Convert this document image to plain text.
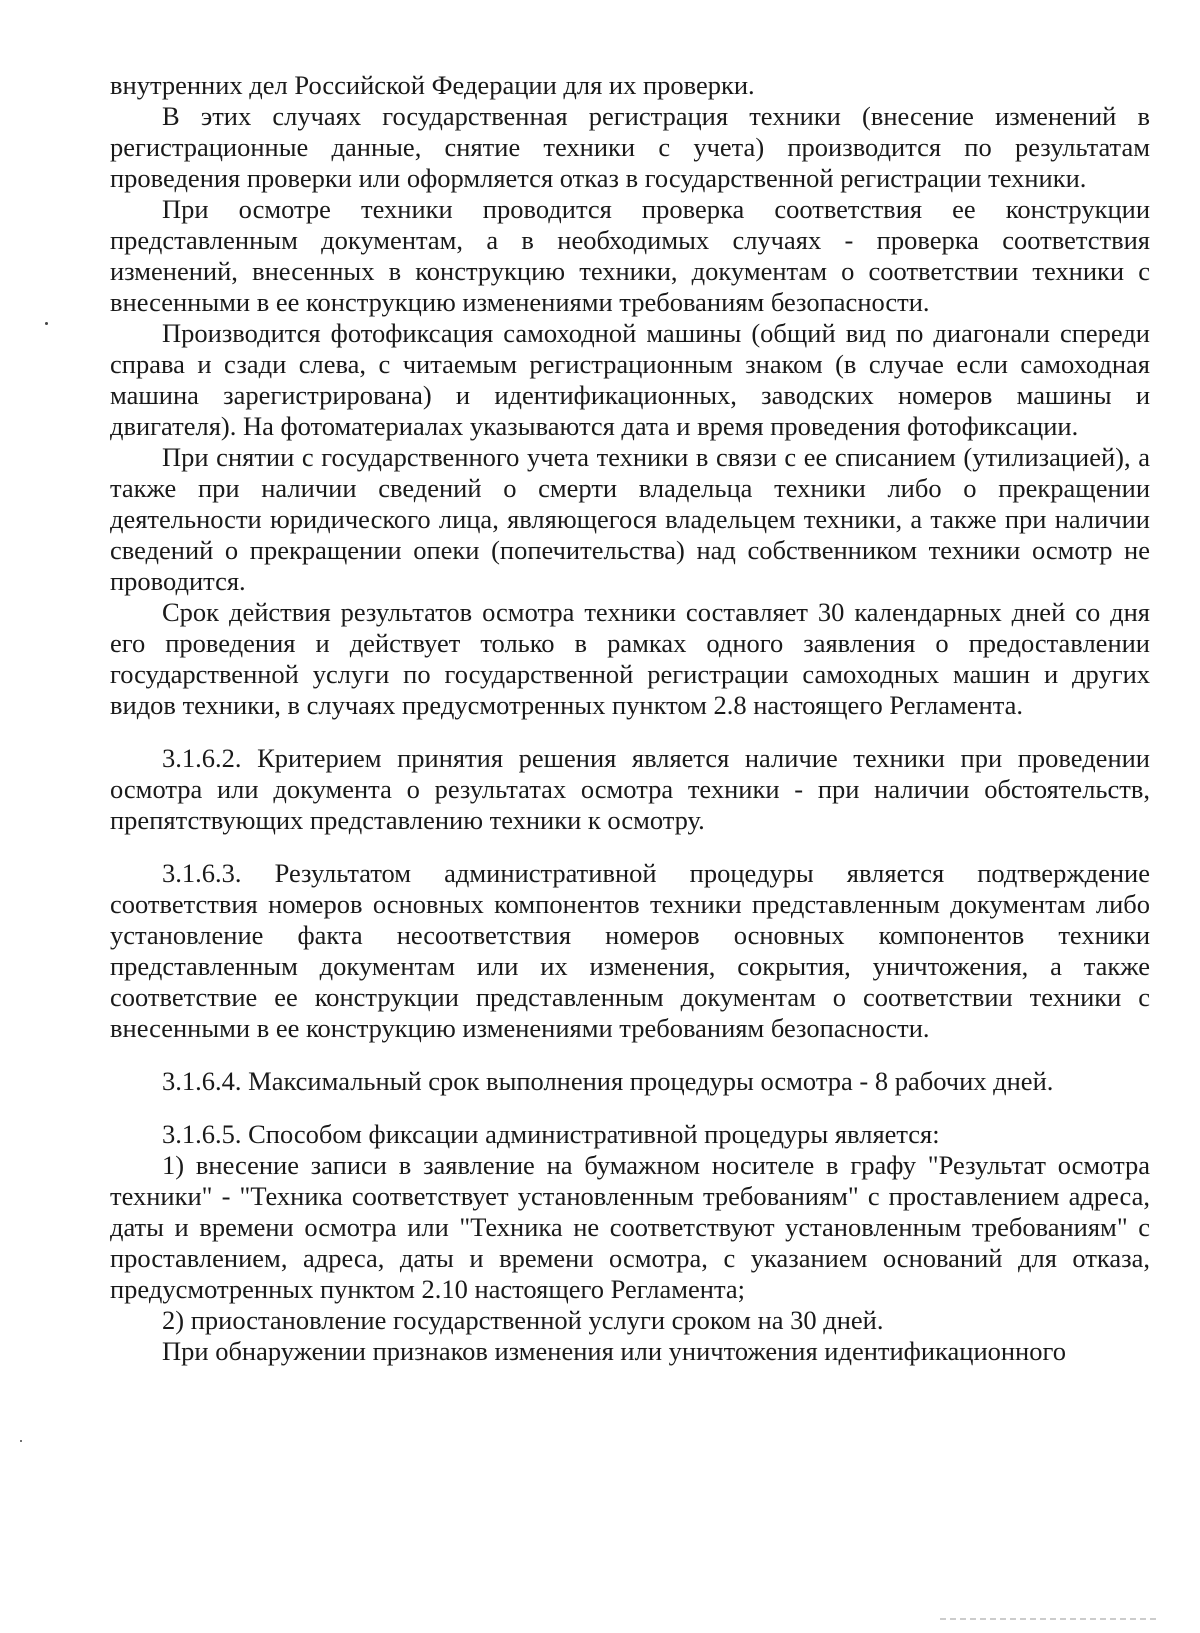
внутренних дел Российской Федерации для их проверки.

В этих случаях государственная регистрация техники (внесение изменений в регистрационные данные, снятие техники с учета) производится по результатам проведения проверки или оформляется отказ в государственной регистрации техники.

При осмотре техники проводится проверка соответствия ее конструкции представленным документам, а в необходимых случаях - проверка соответствия изменений, внесенных в конструкцию техники, документам о соответствии техники с внесенными в ее конструкцию изменениями требованиям безопасности.

Производится фотофиксация самоходной машины (общий вид по диагонали спереди справа и сзади слева, с читаемым регистрационным знаком (в случае если самоходная машина зарегистрирована) и идентификационных, заводских номеров машины и двигателя). На фотоматериалах указываются дата и время проведения фотофиксации.

При снятии с государственного учета техники в связи с ее списанием (утилизацией), а также при наличии сведений о смерти владельца техники либо о прекращении деятельности юридического лица, являющегося владельцем техники, а также при наличии сведений о прекращении опеки (попечительства) над собственником техники осмотр не проводится.

Срок действия результатов осмотра техники составляет 30 календарных дней со дня его проведения и действует только в рамках одного заявления о предоставлении государственной услуги по государственной регистрации самоходных машин и других видов техники, в случаях предусмотренных пунктом 2.8 настоящего Регламента.

3.1.6.2. Критерием принятия решения является наличие техники при проведении осмотра или документа о результатах осмотра техники - при наличии обстоятельств, препятствующих представлению техники к осмотру.

3.1.6.3. Результатом административной процедуры является подтверждение соответствия номеров основных компонентов техники представленным документам либо установление факта несоответствия номеров основных компонентов техники представленным документам или их изменения, сокрытия, уничтожения, а также соответствие ее конструкции представленным документам о соответствии техники с внесенными в ее конструкцию изменениями требованиям безопасности.

3.1.6.4. Максимальный срок выполнения процедуры осмотра - 8 рабочих дней.

3.1.6.5. Способом фиксации административной процедуры является:

1) внесение записи в заявление на бумажном носителе в графу "Результат осмотра техники" - "Техника соответствует установленным требованиям" с проставлением адреса, даты и времени осмотра или "Техника не соответствуют установленным требованиям" с проставлением, адреса, даты и времени осмотра, с указанием оснований для отказа, предусмотренных пунктом 2.10 настоящего Регламента;

2) приостановление государственной услуги сроком на 30 дней.

При обнаружении признаков изменения или уничтожения идентификационного
